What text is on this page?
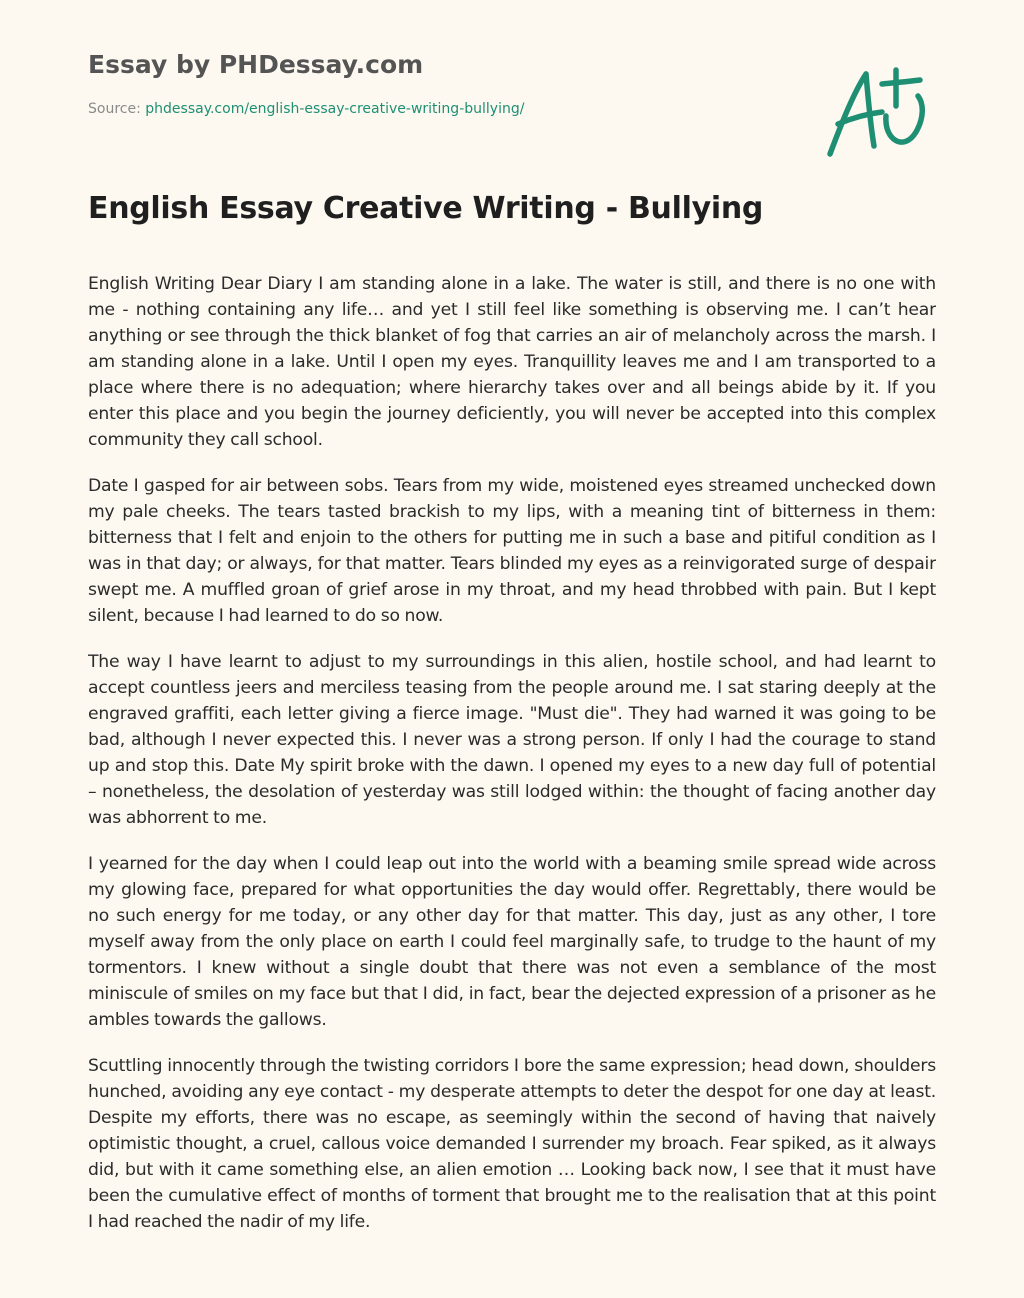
Essay by PHDessay.com
Source: phdessay.com/english-essay-creative-writing-bullying/
English Essay Creative Writing - Bullying

English Writing Dear Diary I am standing alone in a lake. The water is still, and there is no one with me - nothing containing any life… and yet I still feel like something is observing me. I can’t hear anything or see through the thick blanket of fog that carries an air of melancholy across the marsh. I am standing alone in a lake. Until I open my eyes. Tranquillity leaves me and I am transported to a place where there is no adequation; where hierarchy takes over and all beings abide by it. If you enter this place and you begin the journey deficiently, you will never be accepted into this complex community they call school.

Date I gasped for air between sobs. Tears from my wide, moistened eyes streamed unchecked down my pale cheeks. The tears tasted brackish to my lips, with a meaning tint of bitterness in them: bitterness that I felt and enjoin to the others for putting me in such a base and pitiful condition as I was in that day; or always, for that matter. Tears blinded my eyes as a reinvigorated surge of despair swept me. A muffled groan of grief arose in my throat, and my head throbbed with pain. But I kept silent, because I had learned to do so now.

The way I have learnt to adjust to my surroundings in this alien, hostile school, and had learnt to accept countless jeers and merciless teasing from the people around me. I sat staring deeply at the engraved graffiti, each letter giving a fierce image. "Must die". They had warned it was going to be bad, although I never expected this. I never was a strong person. If only I had the courage to stand up and stop this. Date My spirit broke with the dawn. I opened my eyes to a new day full of potential – nonetheless, the desolation of yesterday was still lodged within: the thought of facing another day was abhorrent to me.

I yearned for the day when I could leap out into the world with a beaming smile spread wide across my glowing face, prepared for what opportunities the day would offer. Regrettably, there would be no such energy for me today, or any other day for that matter. This day, just as any other, I tore myself away from the only place on earth I could feel marginally safe, to trudge to the haunt of my tormentors. I knew without a single doubt that there was not even a semblance of the most miniscule of smiles on my face but that I did, in fact, bear the dejected expression of a prisoner as he ambles towards the gallows.

Scuttling innocently through the twisting corridors I bore the same expression; head down, shoulders hunched, avoiding any eye contact - my desperate attempts to deter the despot for one day at least. Despite my efforts, there was no escape, as seemingly within the second of having that naively optimistic thought, a cruel, callous voice demanded I surrender my broach. Fear spiked, as it always did, but with it came something else, an alien emotion … Looking back now, I see that it must have been the cumulative effect of months of torment that brought me to the realisation that at this point I had reached the nadir of my life.
